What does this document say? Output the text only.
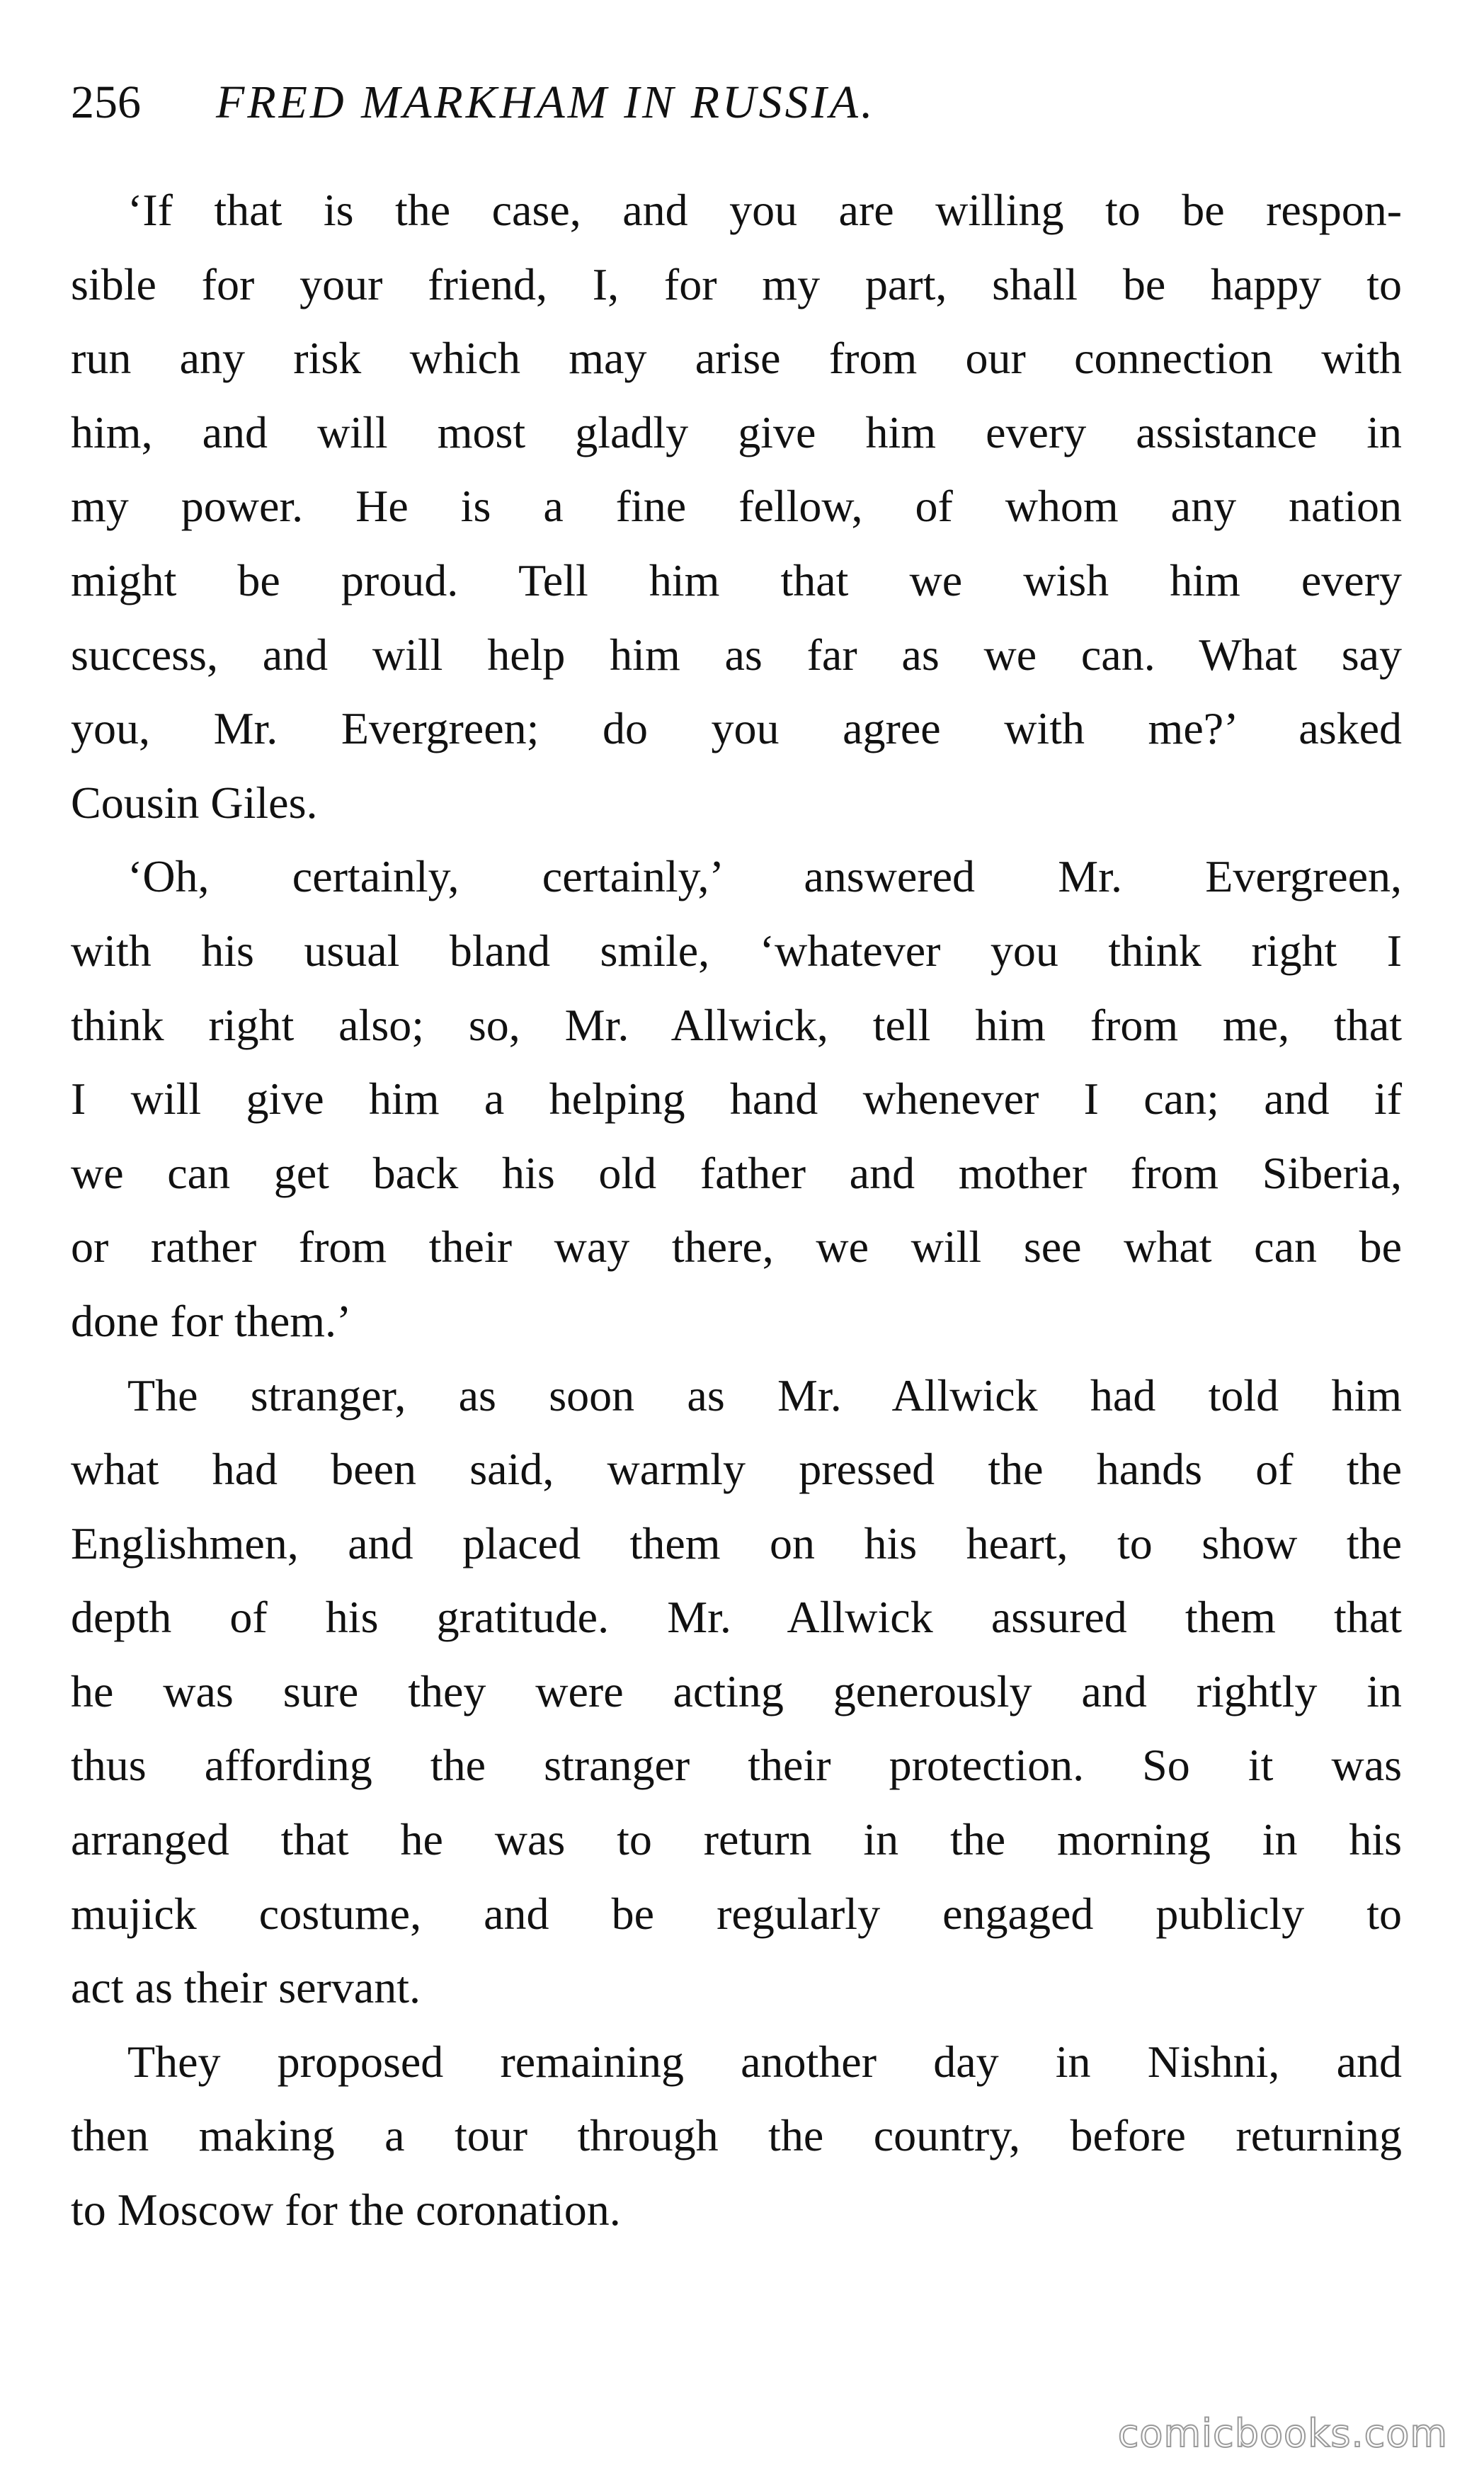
256 FRED MARKHAM IN RUSSIA.
‘If that is the case, and you are willing to be respon-
sible for your friend, I, for my part, shall be happy to
run any risk which may arise from our connection with
him, and will most gladly give him every assistance in
my power. He is a fine fellow, of whom any nation
might be proud. Tell him that we wish him every
success, and will help him as far as we can. What say
you, Mr. Evergreen; do you agree with me?’ asked
Cousin Giles.
‘Oh, certainly, certainly,’ answered Mr. Evergreen,
with his usual bland smile, ‘whatever you think right I
think right also; so, Mr. Allwick, tell him from me, that
I will give him a helping hand whenever I can; and if
we can get back his old father and mother from Siberia,
or rather from their way there, we will see what can be
done for them.’
The stranger, as soon as Mr. Allwick had told him
what had been said, warmly pressed the hands of the
Englishmen, and placed them on his heart, to show the
depth of his gratitude. Mr. Allwick assured them that
he was sure they were acting generously and rightly in
thus affording the stranger their protection. So it was
arranged that he was to return in the morning in his
mujick costume, and be regularly engaged publicly to
act as their servant.
They proposed remaining another day in Nishni, and
then making a tour through the country, before returning
to Moscow for the coronation.
comicbooks.com
